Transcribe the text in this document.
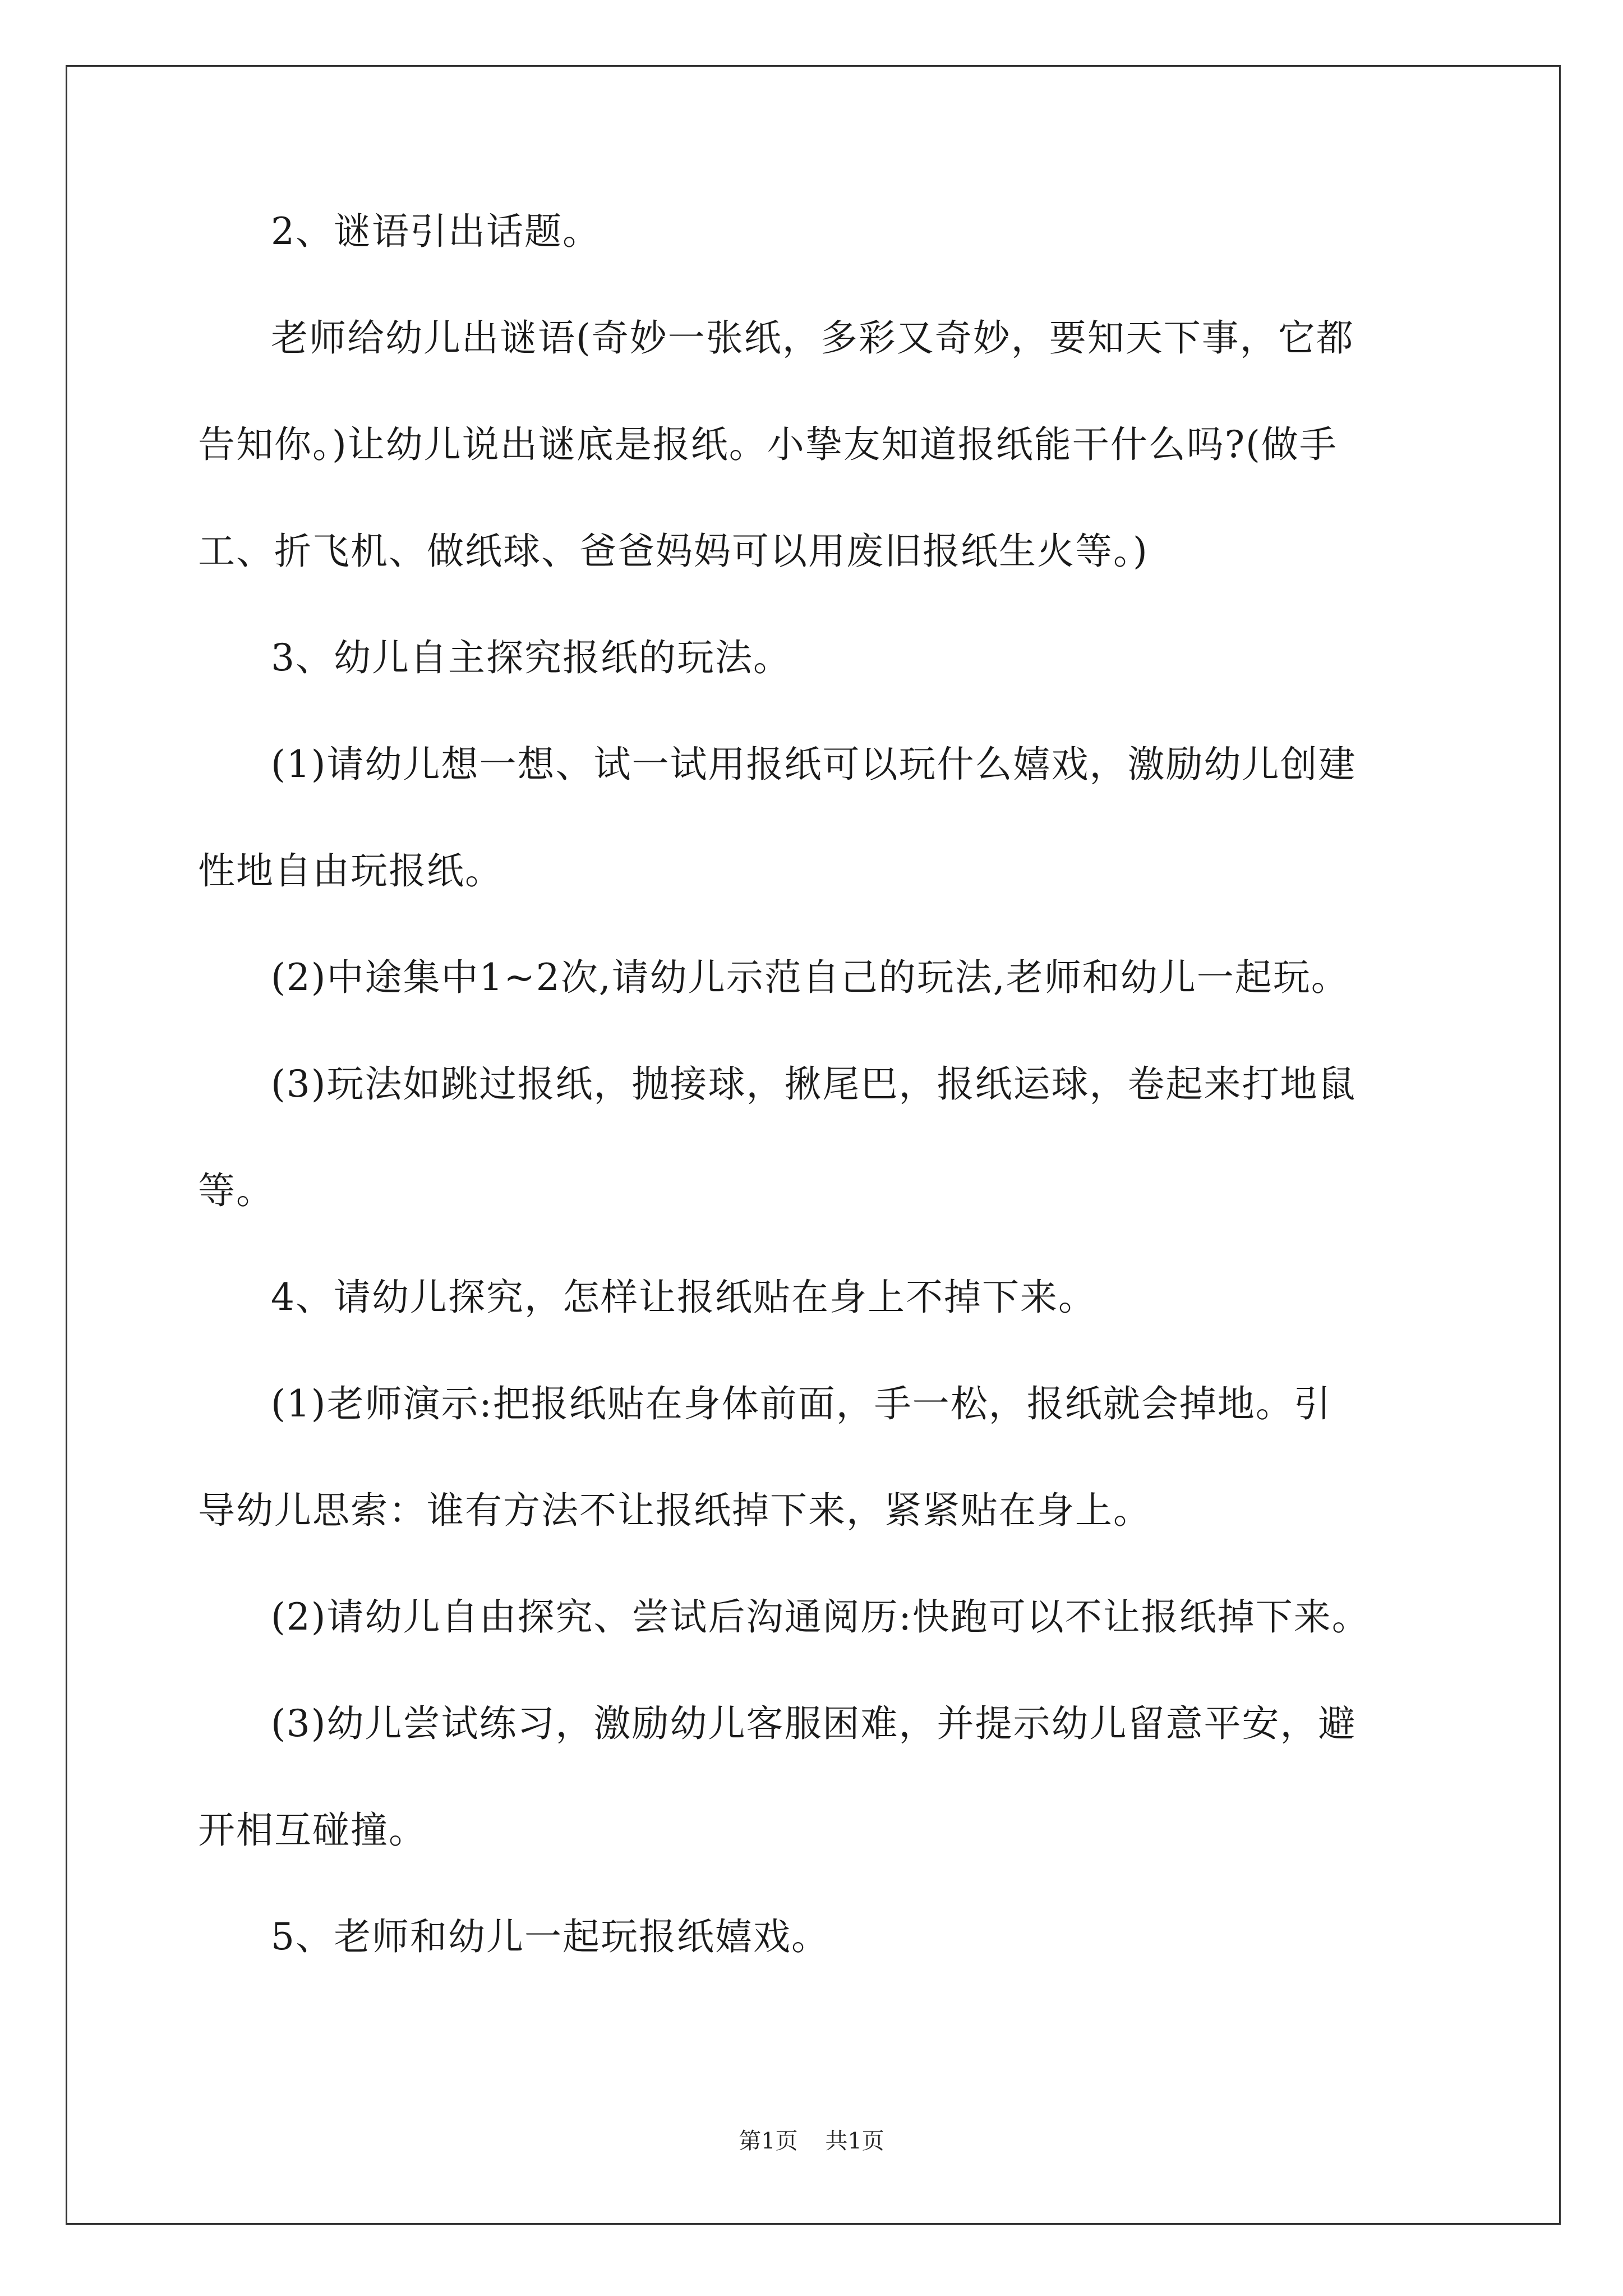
2、谜语引出话题。

老师给幼儿出谜语(奇妙一张纸，多彩又奇妙，要知天下事，它都

告知你。)让幼儿说出谜底是报纸。小挚友知道报纸能干什么吗?(做手

工、折飞机、做纸球、爸爸妈妈可以用废旧报纸生火等。)

3、幼儿自主探究报纸的玩法。

(1)请幼儿想一想、试一试用报纸可以玩什么嬉戏，激励幼儿创建

性地自由玩报纸。

(2)中途集中1~2次,请幼儿示范自己的玩法,老师和幼儿一起玩。

(3)玩法如跳过报纸，抛接球，揪尾巴，报纸运球，卷起来打地鼠

等。

4、请幼儿探究，怎样让报纸贴在身上不掉下来。

(1)老师演示:把报纸贴在身体前面，手一松，报纸就会掉地。引

导幼儿思索：谁有方法不让报纸掉下来，紧紧贴在身上。

(2)请幼儿自由探究、尝试后沟通阅历:快跑可以不让报纸掉下来。

(3)幼儿尝试练习，激励幼儿客服困难，并提示幼儿留意平安，避

开相互碰撞。

5、老师和幼儿一起玩报纸嬉戏。

第1页 共1页
